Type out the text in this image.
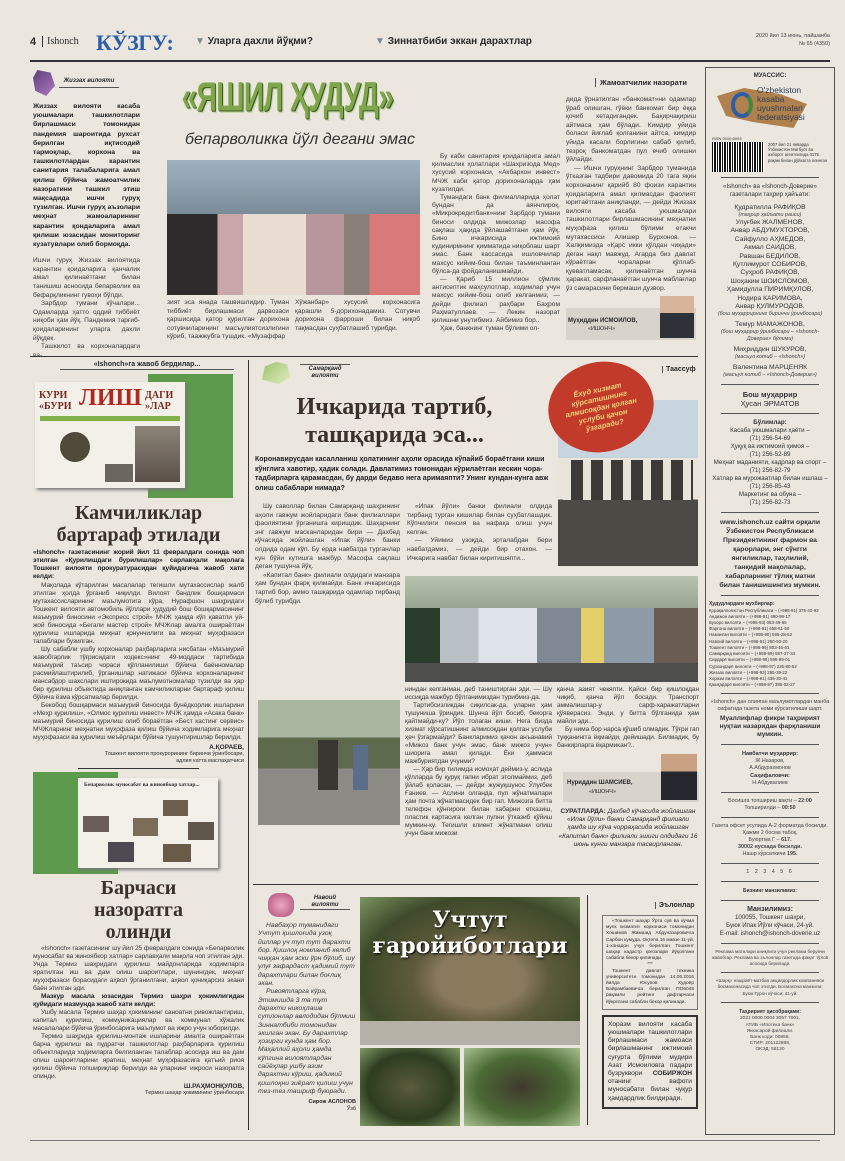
4	Ishonch КЎЗГУ: ▼ Уларга дахли йўқми?	▼ Зиннатбиби эккан дарахтлар	2020 йил 13 июнь, пайшанба
№ 65 (4350)
Жиззах вилояти
Жиззах вилояти касаба уюшмалари ташкилотлари бирлашмаси томонидан пандемия шароитида рухсат берилган иқтисодий тармоқлар, корхона ва ташкилотлардан карантин санитария талабаларига амал қилиш бўйича жамоатчилик назоратини ташкил этиш мақсадида ишчи гуруҳ тузилган. Ишчи гуруҳ аъзолари меҳнат жамоаларининг карантин қондаларига амал қилиши юзасидан мониторинг кузатувлари олиб бормоқда.

Ишчи гуруҳ Жиззах вилоятида карантин қоидаларига қанчалик амал қилинаётгани билан танишиш асносида бепарволик ва бефарқликнинг гувоҳи бўлди.

Зарбдор тумани кўчалари... Одамларда ҳатто оддий тиббиёт ниқоби ҳам йўқ. Пандемия тарғиб-қоидаларининг уларга дахли йўқдек.

Ташкилот ва корхоналардаги

«ЯШИЛ ҲУДУД»
бепарволикка йўл дегани эмас
зият эса янада ташвишлидир. Туман тиббиёт бирлашмаси дарвозаси қаршисида қатор қурилган дорихона сотувчиларининг масъулиятсизлигини кўриб, таажжубга тушдик. «Музаффар
Хўжанбар» хусусий корхонасига қарашли 5-дорихонадамиз. Сотувчи дорихона фарроши билан ниқоб тақмасдан суҳбатлашиб турибди.

Бу каби санитария қоидаларига амал қилмаслик ҳолатлари «Шахризода Мед» хусусий корхонаси, «Акбархон инвест» МЧЖ каби қатор дорихоналарда ҳам кузатилди.

Тумандаги банк филиалларида ҳолат бундан да аянчлироқ. «Микрокредитбанк»нинг Зарбдор тумани биноси олдида мижозлар масофа сақлаш ҳақида ўйлашаётгани ҳам йўқ. Бино ичкарисида ижтимоий кудинирмнинг қимматида ниқоблаш шарт эмас. Банк кассасида ишловчилар махсус кийим-бош билан таъминланган бўлса-да фойдаланишмайди.

— Қариб 15 миллион сўмлик антисептик маҳсулотлар, ходимлар учун махсус кийим-бош олиб келганмиз, — дейди филиал раҳбари Баҳром Раҳматуллаев. — Лекин назорат қилишни унутибмиз. Айбимиз бор..

Ҳаж, банкнинг туман бўлими ол-

Жамоатчилик назорати

дида ўрнатилган «банкомат»ни одамлар ўраб олишган, гўёки банкомат бир ёққа қочиб кетадигандек. Бақирчақириш айтмаса ҳам бўлади. Кимдир уйида боласи йиғлаб қолганини айтса, кимдир уйида касали борлигини сабаб қилиб, тезроқ банкоматдан пул ечиб олишни ўйлайди.

— Ишчи гуруҳнинг Зарбдор туманида ўтказган тадбири давомида 20 тага яқин корхонанинг қарийб 80 фоизи карантин қоидаларига амал қилмасдан фаолият юритаётгани аниқланди, — дейди Жиззах вилояти касаба уюшмалари ташкилотлари бирлашмасининг меҳнатни муҳофаза қилиш бўлими етакчи мутахассиси Алишер Бурхонов. — Халқимизда «Қарс икки қўлдан чиқади» деган нақл мавжуд. Агарда биз давлат кўраётган чораларни қўллаб-қувватламасак, қилинаётган шунча ҳаракат, сарфланаётган шунча маблағлар ўз самарасини бермаши дузвор.

Муҳиддин ИСМОИЛОВ,
«ИШОНЧ»
«Ishonch»га жавоб бердилар...
КУРИ
«БУРИ ЛИШ ДАГИ
»ЛАР
Камчиликлар бартараф этилади
«Ishonch» газетасининг жорий йил 11 февралдаги сонида чоп этилган «Қурилишдаги бурилишлар» сарлавҳали мақолага Тошкент вилояти прокуратурасидан қуйидагича жавоб хати келди:

Мақолада кўтарилган масалалар тегишли мутахассислар жалб этилган ҳолда ўрганиб чиқилди. Вилоят бандлик бошқармаси мутахассисларининг маълумотига кўра, Нурафшон шаҳридаги Тошкент вилояти автомобиль йўллари ҳудудий бош бошқармасининг маъмурий биносини «Экспресс строй» МЧЖ ҳамда кўп қаватли уй-жой биносида «Бегали мастер строй» МЧЖлар амалга ошираётган қурилиш ишларида меҳнат қонунчилиги ва меҳнат муҳофазаси талаблари бузилган.

Шу сабабли ушбу корхоналар раҳбарларига нисбатан «Маъмурий жавобгарлик тўғрисидаги кодекс»нинг 49-моддаси тартибида маъмурий таъсир чораси қўлланилиши бўйича баённомалар расмийлаштирилиб, ўрганишлар натижаси бўйича корхоналарнинг мансабдор шахслари иштирокида маълумотномалар тузилди ва ҳар бир қурилиш объектида аниқланган камчиликларни бартараф қилиш бўйича ёзма кўрсатмалар берилди.

Бекобод бошқармаси маъмурий биносида бунёдкорлик ишларини «Меҳр қурилиш», «Олмос қурилиш инвест» МЧЖ ҳамда «Асака банк» маъмурий биносида қурилиш олиб бораётган «Бест кастинг сервис» МЧЖларнинг меҳнатни муҳофаза қилиш бўйича ходимларига меҳнат муҳофазаси ва қурилиш меъёрлари бўйича тушунтиришлар берилди.

А.ҚОРАЕВ,
Тошкент вилояти прокурорининг биринчи ўринбосари, адлия катта маслаҳатчиси
Бепарволик муносабат ва жиноябкор хатлар...
Барчаси назоратга олинди
«Ishonch» газетасининг шу йил 25 февралдаги сонида «Бепарволик муносабат ва жиноябкор хатлар» сарлавҳали мақола чоп этилган эди. Унда Термиз шаҳридаги қурилиш майдонларида ходимларга яратилган иш ва дам олиш шароитлари, шунингдек, меҳнат муҳофазаси борасидаги аҳвол ўрганилгани, аҳвол қониқарсиз экани баён этилган эди.
Мазкур масала юзасидан Термиз шаҳри ҳокимлигидан қуйидаги мазмунда жавоб хати келди:

Ушбу масала Термиз шаҳар ҳокимининг саноатни ривожлантириш, капитал қурилиш, коммуникациялар ва коммунал хўжалик масалалари бўйича ўринбосарига маълумот ва ижро учун юборилди.

Термиз шаҳрида қурилиш-монтаж ишларини амалга ошираётган барча қурилиш ва пудратчи ташкилотлар раҳбарларига қурилиш объектларида ходимларга белгиланган талаблар асосида иш ва дам олиш шароитларини яратиш, меҳнат муҳофазасига қатъий риоя қилиш бўйича топшириқлар берилди ва уларнинг ижроси назоратга олинди.

Ш.РАҲМОНҚУЛОВ,
Термиз шаҳар ҳокимининг ўринбосари
Самарқанд вилояти
Таассуф
Ичкарида тартиб, ташқарида эса...
Ёхуд хизмат кўрсатишнинг алмисоқдан қолган услуби қачон ўзгаради?
Коронавирусдан касалланиш ҳолатининг аҳоли орасида кўпайиб бораётгани киши кўнглига хавотир, ҳадик солади. Давлатимиз томонидан кўрилаётган кескин чора-тадбирларга қарамасдан, бу дарди бедаво нега аримаяпти? Унинг кундан-кунга авж олиш сабаблари нимада?

Шу саволлар билан Самарқанд шаҳрининг аҳоли гавжум жойларидаги банк филиаллари фаолиятини ўрганишга киришдик. Шаҳарнинг энг гавжум масканларидан бири — Дахбед кўчасида жойлашган «Ипак йўли» банки олдида одам кўп. Бу ерда навбатда турганлар кун бўйи кутишга мажбур. Масофа сақлаш деган тушунча йўқ.

«Капитал банк» филиали олдидаги манзара ҳам бундан фарқ қилмайди. Банк ичкарисида тартиб бор, аммо ташқарида одамлар тирбанд бўлиб турибди.

«Ипак йўли» банки филиали олдида тирбанд турган кишилар билан суҳбатлашдик. Кўпчилиги пенсия ва нафақа олиш учун келган.

— Уйимиз узоқда, эрталабдан бери навбатдамиз, — дейди бир отахон. — Ичкарига навбат билан киритишяпти...

ниндан келганман, деб таништирган эди. — Шу иссиқда мажбур бўлганимиздан турибмиз-да.

Тартибсизликдан сиқилсак-да, уларни ҳам тушуниша ўриндик. Шунча йўл босиб, бекорга қайтмайди-ку? Йўл толаган киши. Нега бизда хизмат кўрсатишнинг алмисоқдан қолган услуби ҳеч ўзгармайди? Банкларимиз қачон анъанавий «Мижоз банк учун эмас, банк мижоз учун» шиорига амал қилади. Ёки ҳаммаси мажбуриятдан учунми?

— Ҳар бир тилимда исмоҳат деймиз-у, аслида қўлларда бу қуруқ гапни ибрат этолмаймиз, деб ўйлаб қоласан, — дейди жужуқшунос Ўлуғбек Ғаниев. — Аслини олганда, пул жўнатмалари ҳам почта жўнатмасидек бир гап. Мижозга битта телефон қўнғироғи билан хабарни етказиш, пластик картасига келган пулни ўтказиб қўйиш мумкин-ку. Тегишли клиент жўнатмани олиш учун банк мижози

қанча азият чекяпти. Қайси бир қишлоқдан чиқиб, қанча йўл босади. Транспорт аммалишлар-у сарф-харажатларни қўяверасиз. Энди, у битта бўлганида ҳам майли эди...

Бу нима бор нарса қўшиб олмадик. Тўғри гап туққанингга ёқмайди, дейишади. Билмадик, бу банкирларга ёқармикан?..

Нуриддин ШАМСИЕВ,
«ИШОНЧ»
СУРАТЛАРДА: Дахбед кўчасида жойлашган «Ипак йўли» банки Самарқанд филиали ҳамда шу кўча чорраҳасида жойлашган «Капитал банк» филиали эшиги олдидаги 16 июнь кунги манзара тасвирланган.
Навоий вилояти

Навбаҳор туманидаги Учтут қишлоғида узоқ йиллар уч туп тут дарахти бор. Қишлоқ номланиб келиб чиққан ҳам эски ўрн бўлиб, шу улуғ зафардаст қадимий тут дарахтлари билан боғлиқ экан.

Ривоятларга кўра, Этимишда 3 та тут дарахти никоҳлашв сутлонлар авлодидан бўлмиш Зиннатбиби томонидан экилган экан. Бу дарахтлар ҳозирги кунда ҳам бор. Маҳаллий аҳоли ҳамда кўпгина вилоятлардан сайёҳлар ушбу азим дарахтни кўриш, қадимий қишлоқни зиёрат қилиш учун тез-тез ташриф буюради.

Сирож АСЛОНОВ
Ўзб
Учтут ғаройиботлари
Эълонлар

«Тошкент шаҳар Ўрта сув ва кўчма мулк хизмати» корхонаси томонидан Хошимов Жамшид Абдуназаровичга Сарбон кумуда, Оқтепа 16 мавзе 11-уй, 1-хонадон учун берилган Тошкент шаҳар кадастр қоғозлари йўқолгани сабабли бекор қилинади.

***

Тошкент давлат техника университети томонидан 14.06.2016 йилда Юсупов Худоёр Байрамбаевичга берилган ПО6048 рақамли рейтинг дафтарчаси йўқолгани сабабли бекор қилинади.

Хоразм вилояти касаба уюшмалари ташкилотлари бирлашмаси жамоаси бирлашманинг ижтимоий суғурта бўлими мудири Азат Исмоиловга падари бузруквори СОБИРЖОН отанинг вафоти муносабати билан чуқур ҳамдардлик билдиради.
МУАССИС:
O'zbekiston kasaba uyushmalari federatsiyasi
ISSN 2010-6093
2007 йил 21 январда Ўзбекистон Матбуот ва ахборот агентлигида 0179 рақам билан рўйхатга олинган
«Ishonch» ва «Ishonch-Доверие» газеталари таҳрир ҳайъати:
Қудратилла РАФИҚОВ
(таҳрир ҳайъати раиси)
Улуғбек ЖАЛМЕНОВ,
Анвар АБДУМУХТОРОВ,
Сайфулло АҲМЕДОВ,
Акмал САИДОВ,
Равшан БЕДИЛОВ,
Қутлимурот СОБИРОВ,
Суҳроб РАФИҚОВ,
Шоҳаким ШОИСЛОМОВ,
Ҳамидулла ПИРИМҚУЛОВ,
Нодира КАРИМОВА,
Анвар ҚУЛМУРОДОВ.
(бош муҳаррирнинг биринчи ўринбосари)
Темур МАМАЖОНОВ,
(бош муҳаррир ўринбосари – «Ishonch-Доверие» бўлими)
Миҳриддин ШУКУРОВ,
(масъул котиб – «Ishonch»)
Валентина МАРЦЕНЯК
(масъул котиб – «Ishonch-Доверие»)
Бош муҳаррир
Ҳусан ЭРМАТОВ
Бўлимлар:
Касаба уюшмалари ҳаёти –
(71) 256-54-69
Ҳуқуқ ва ижтимоий ҳимоя –
(71) 256-52-89
Меҳнат маданияти, кадрлар ва спорт –
(71) 256-82-79
Хатлар ва мурожаатлар билан ишлаш –
(71) 256-85-43
Маркетинг ва обуна –
(71) 256-82-73
www.ishonch.uz сайти орқали Ўзбекистон Республикаси Президентининг фармон ва қарорлари, энг сўнгги янгиликлар, таҳлилий, танқидий мақолалар, хабарларнинг тўлиқ матни билан танишишингиз мумкин.
Ҳудудлардаги мухбирлар:
Қорақалпоғистон Республикаси – (+998-91) 375-40-92
Андижон вилояти – (+998-91) 490-99-17
Бухоро вилояти – (+998-93) 083-49-65
Фарғона вилояти – (+998-91) 658-61-50
Наманган вилояти – (+998-90) 595-28-52
Навоий вилояти – (+998-91) 250-93-20
Тошкент вилояти – (+998-99) 803-46-61
Самарқанд вилояти – (+998-99) 597-37-34
Сирдарё вилояти – (+998-99) 595-99-01
Сурхондарё вилояти – (+998-97) 225-80-52
Жиззах вилояти – (+998-93) 295-39-22
Хоразм вилояти – (+998-91) 436-30-41
Қашқадарё вилояти – (+998-97) 385-02-27
«Ishonch» дан олинган маълумотлардан манба сифатида газета номи кўрсатилиши шарт.
Муаллифлар фикри таҳририят нуқтаи назаридан фарқланиши мумкин.
Навбатчи муҳаррир:
Ж.Назаров,
А.Абдурахмонов
Саҳифаловчи:
Н.Абдувалиев
Босишга топшириш вақти – 22:00
Топширилди – 00:50
Газета офсет усулида А-2 форматда босилди. Ҳажми 2 босма табоқ.
Буюртма Г – 617.
30002 нусхада босилди.
Нашр кўрсаткичи 195.
1 2 3 4 5 6
Бизнинг манзилимиз:
Манзилимиз:
100055, Тошкент шаҳри,
Буюк Ипак Йўли кўчаси, 24-уй.
E-mail: ishonch@ishonch-doverie.uz
Реклама матнлари аниқлиги учун реклама берувчи жавобгар. Реклама ва эълонлар газетада фақат тўлов асосида берилади.
«Шарқ» нашриёт-матбаа акциядорлик компанияси босмахонасида чоп этилди. Босмахона манзили:
Буюк Турон кўчаси, 41-уй.
Таҳририят ҳисобрақами:
2021 0000 0004 3057 7001,
АТИБ «Ипотека банк»
Яккасарой филиали.
Банк коди: 00858,
СТИР: 201122888,
ОКЭД: 58130
